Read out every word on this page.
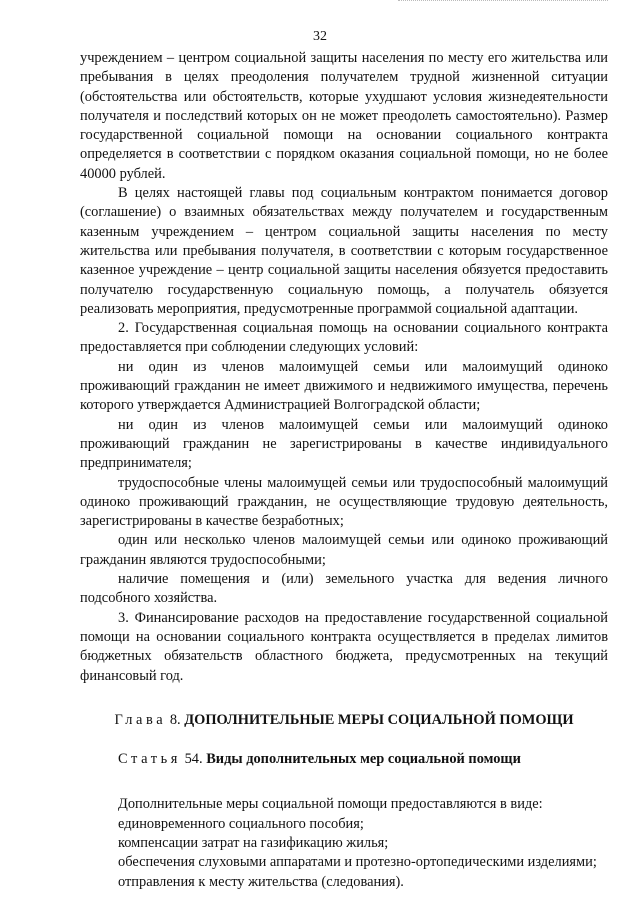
32

учреждением – центром социальной защиты населения по месту его жительства или пребывания в целях преодоления получателем трудной жизненной ситуации (обстоятельства или обстоятельств, которые ухудшают условия жизнедеятельности получателя и последствий которых он не может преодолеть самостоятельно). Размер государственной социальной помощи на основании социального контракта определяется в соответствии с порядком оказания социальной помощи, но не более 40000 рублей.

В целях настоящей главы под социальным контрактом понимается договор (соглашение) о взаимных обязательствах между получателем и государственным казенным учреждением – центром социальной защиты населения по месту жительства или пребывания получателя, в соответствии с которым государственное казенное учреждение – центр социальной защиты населения обязуется предоставить получателю государственную социальную помощь, а получатель обязуется реализовать мероприятия, предусмотренные программой социальной адаптации.

2. Государственная социальная помощь на основании социального контракта предоставляется при соблюдении следующих условий:

ни один из членов малоимущей семьи или малоимущий одиноко проживающий гражданин не имеет движимого и недвижимого имущества, перечень которого утверждается Администрацией Волгоградской области;

ни один из членов малоимущей семьи или малоимущий одиноко проживающий гражданин не зарегистрированы в качестве индивидуального предпринимателя;

трудоспособные члены малоимущей семьи или трудоспособный малоимущий одиноко проживающий гражданин, не осуществляющие трудовую деятельность, зарегистрированы в качестве безработных;

один или несколько членов малоимущей семьи или одиноко проживающий гражданин являются трудоспособными;

наличие помещения и (или) земельного участка для ведения личного подсобного хозяйства.

3. Финансирование расходов на предоставление государственной социальной помощи на основании социального контракта осуществляется в пределах лимитов бюджетных обязательств областного бюджета, предусмотренных на текущий финансовый год.

Глава 8. ДОПОЛНИТЕЛЬНЫЕ МЕРЫ СОЦИАЛЬНОЙ ПОМОЩИ

Статья 54. Виды дополнительных мер социальной помощи

Дополнительные меры социальной помощи предоставляются в виде:

единовременного социального пособия;

компенсации затрат на газификацию жилья;

обеспечения слуховыми аппаратами и протезно-ортопедическими изделиями;

отправления к месту жительства (следования).
